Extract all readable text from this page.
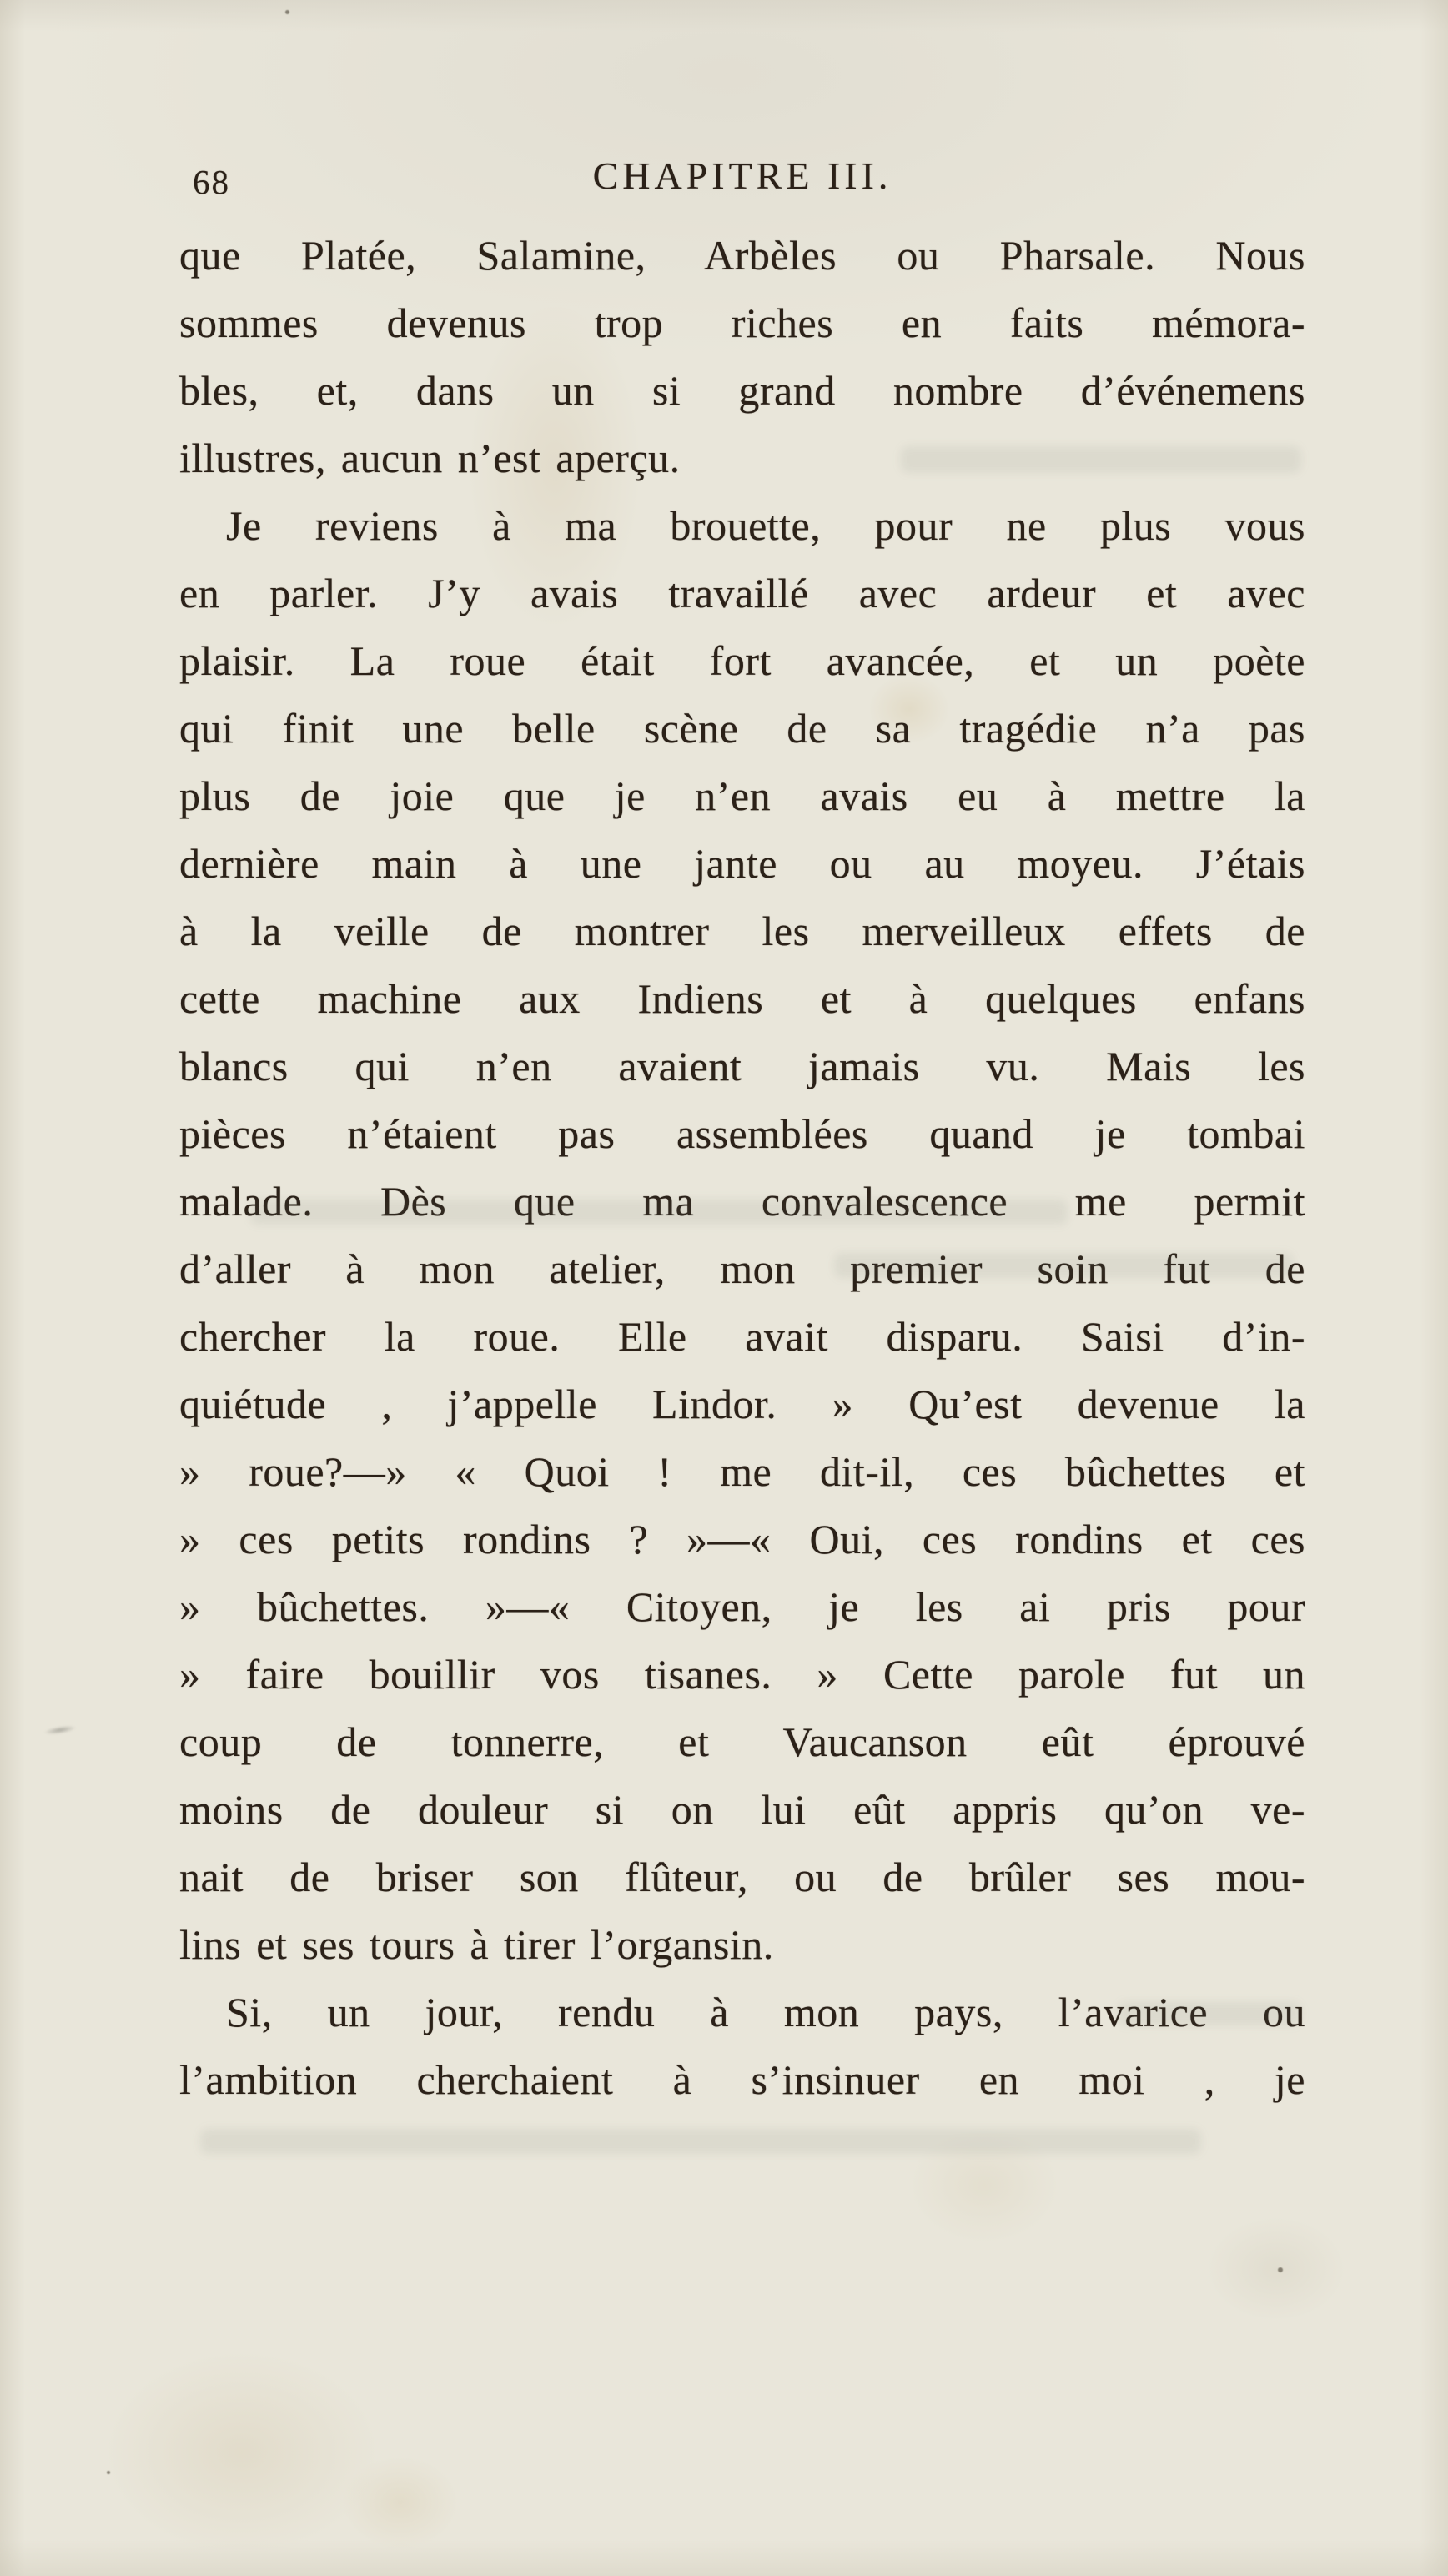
68	CHAPITRE III.
que Platée, Salamine, Arbèles ou Pharsale. Nous
sommes devenus trop riches en faits mémora-
bles, et, dans un si grand nombre d’événemens
illustres, aucun n’est aperçu.
Je reviens à ma brouette, pour ne plus vous
en parler. J’y avais travaillé avec ardeur et avec
plaisir. La roue était fort avancée, et un poète
qui finit une belle scène de sa tragédie n’a pas
plus de joie que je n’en avais eu à mettre la
dernière main à une jante ou au moyeu. J’étais
à la veille de montrer les merveilleux effets de
cette machine aux Indiens et à quelques enfans
blancs qui n’en avaient jamais vu. Mais les
pièces n’étaient pas assemblées quand je tombai
malade. Dès que ma convalescence me permit
d’aller à mon atelier, mon premier soin fut de
chercher la roue. Elle avait disparu. Saisi d’in-
quiétude , j’appelle Lindor. » Qu’est devenue la
» roue?—» « Quoi ! me dit-il, ces bûchettes et
» ces petits rondins ? »—« Oui, ces rondins et ces
» bûchettes. »—« Citoyen, je les ai pris pour
» faire bouillir vos tisanes. » Cette parole fut un
coup de tonnerre, et Vaucanson eût éprouvé
moins de douleur si on lui eût appris qu’on ve-
nait de briser son flûteur, ou de brûler ses mou-
lins et ses tours à tirer l’organsin.
Si, un jour, rendu à mon pays, l’avarice ou
l’ambition cherchaient à s’insinuer en moi , je
